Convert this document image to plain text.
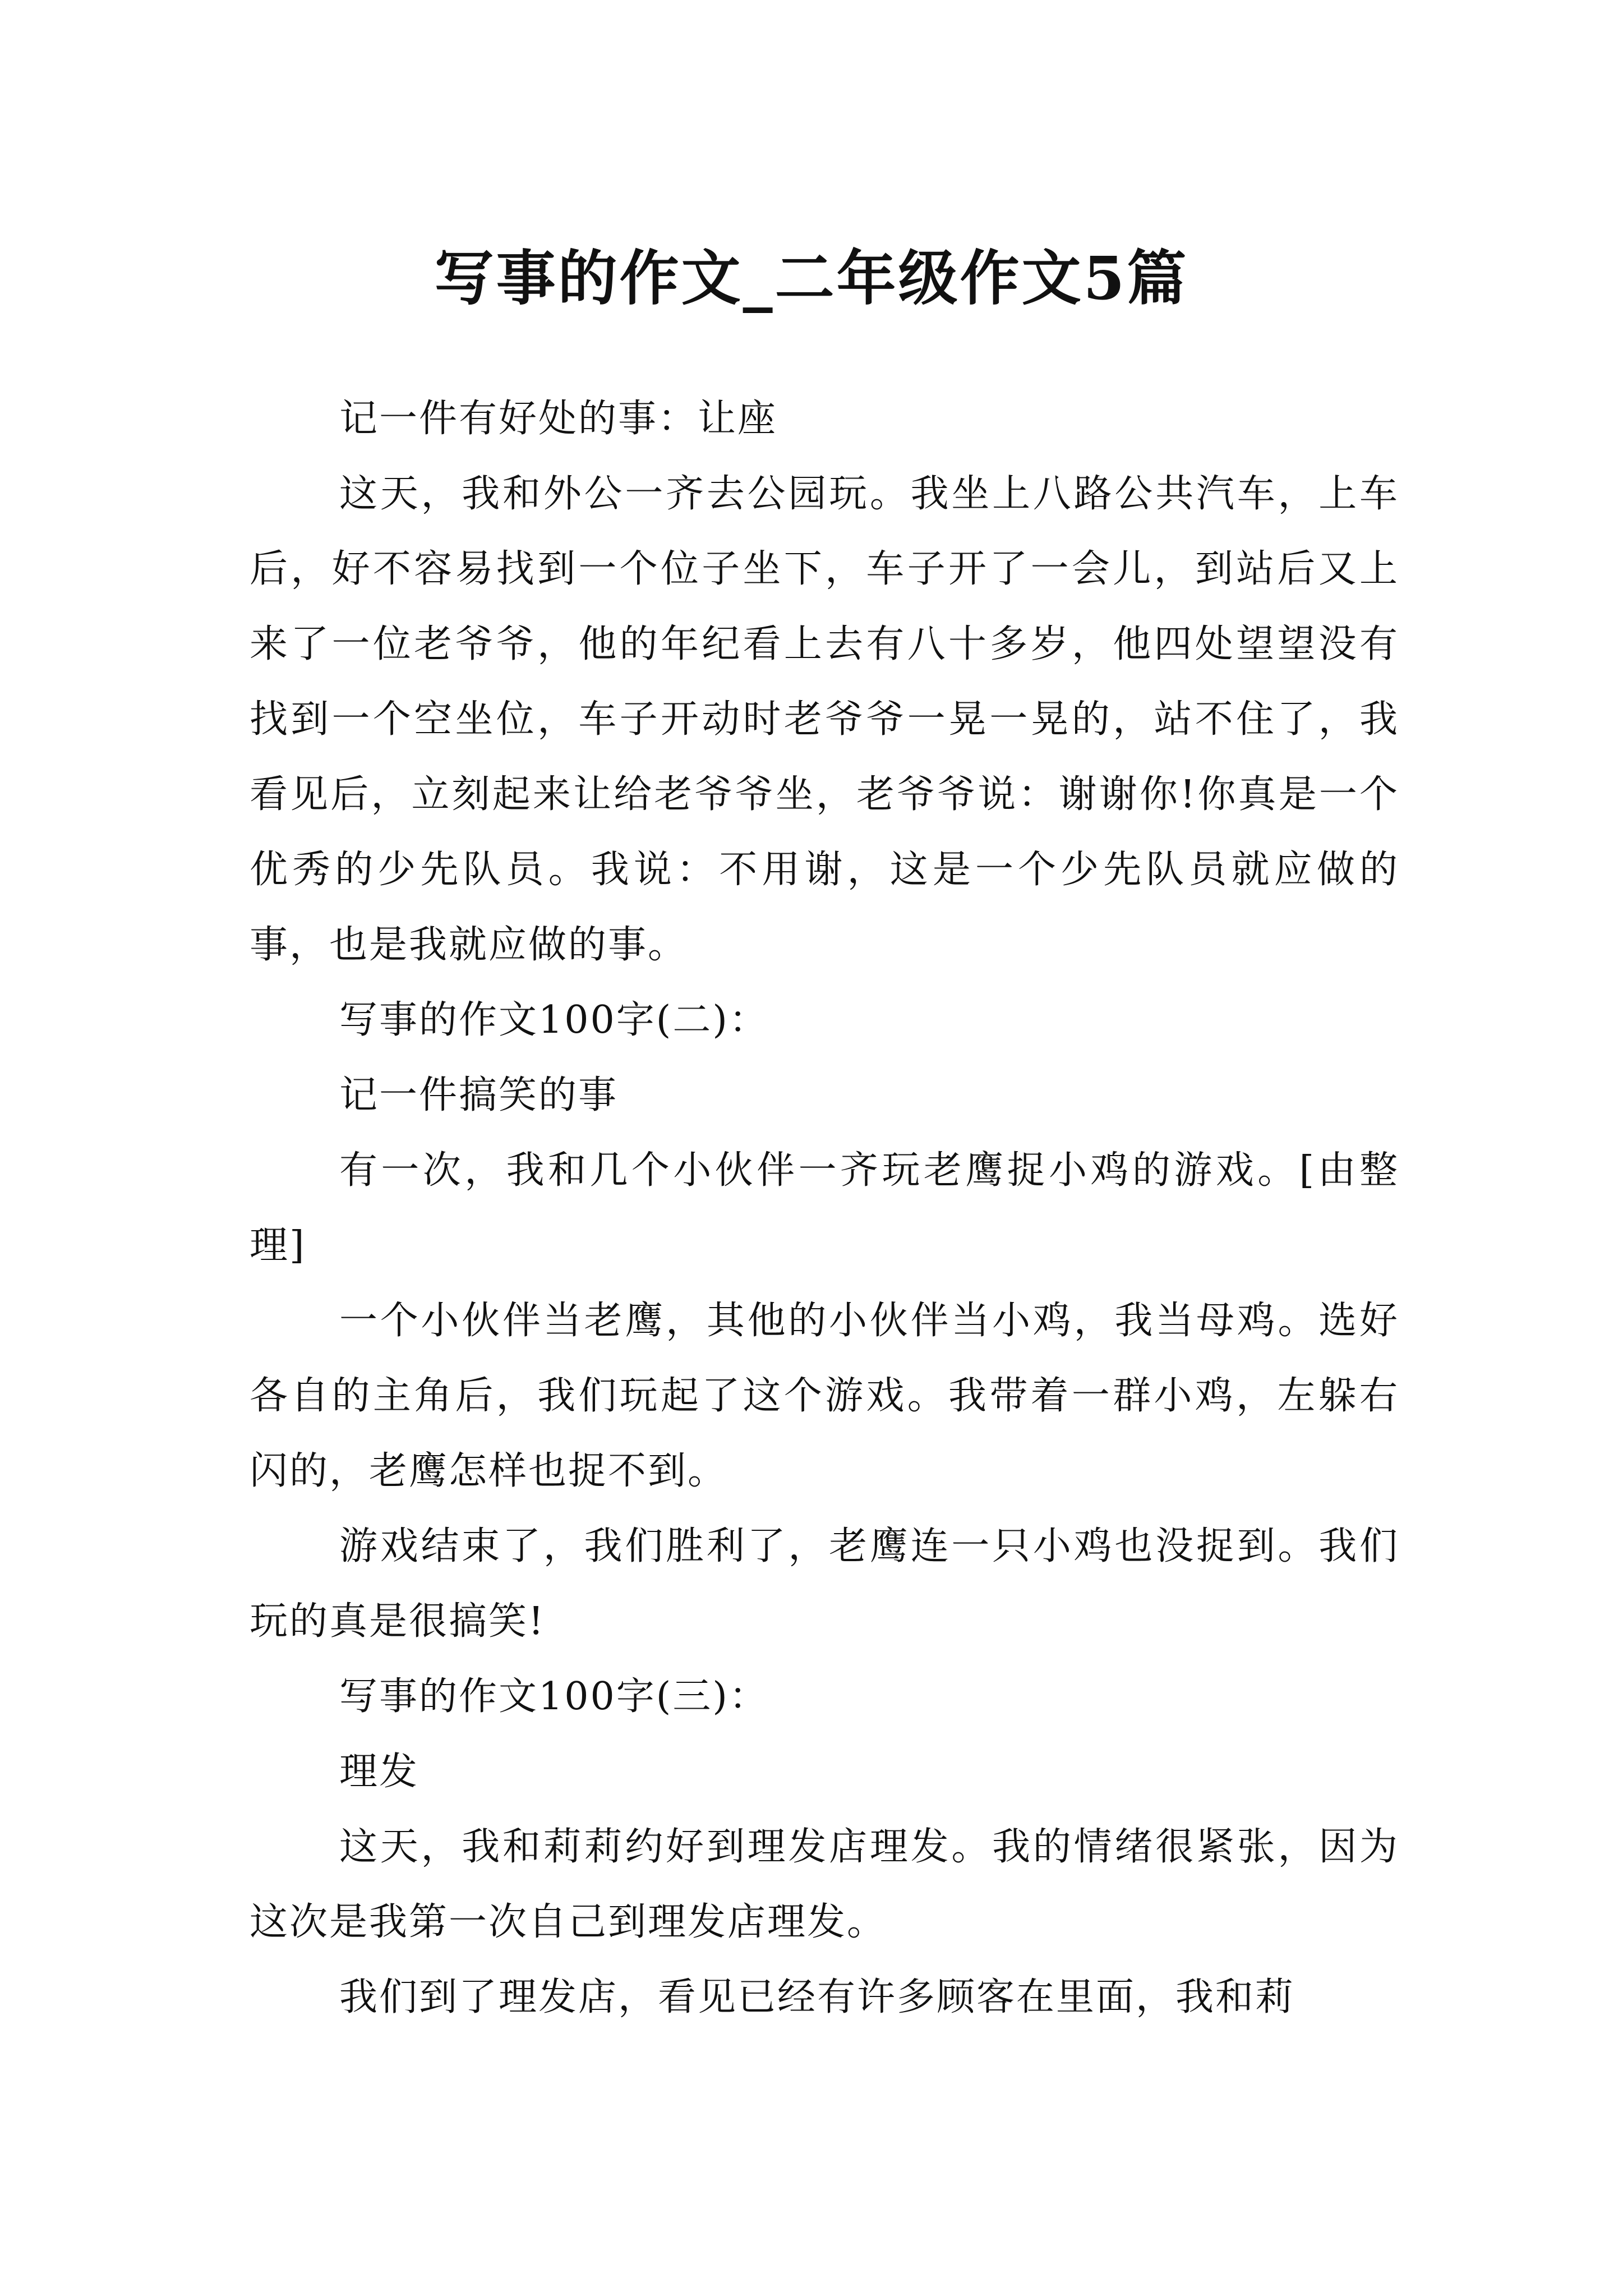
写事的作文_二年级作文5篇

记一件有好处的事：让座

这天，我和外公一齐去公园玩。我坐上八路公共汽车，上车后，好不容易找到一个位子坐下，车子开了一会儿，到站后又上来了一位老爷爷，他的年纪看上去有八十多岁，他四处望望没有找到一个空坐位，车子开动时老爷爷一晃一晃的，站不住了，我看见后，立刻起来让给老爷爷坐，老爷爷说：谢谢你!你真是一个优秀的少先队员。我说：不用谢，这是一个少先队员就应做的事，也是我就应做的事。

写事的作文100字(二)：

记一件搞笑的事

有一次，我和几个小伙伴一齐玩老鹰捉小鸡的游戏。[由整理]

一个小伙伴当老鹰，其他的小伙伴当小鸡，我当母鸡。选好各自的主角后，我们玩起了这个游戏。我带着一群小鸡，左躲右闪的，老鹰怎样也捉不到。

游戏结束了，我们胜利了，老鹰连一只小鸡也没捉到。我们玩的真是很搞笑!

写事的作文100字(三)：

理发

这天，我和莉莉约好到理发店理发。我的情绪很紧张，因为这次是我第一次自己到理发店理发。

我们到了理发店，看见已经有许多顾客在里面，我和莉
